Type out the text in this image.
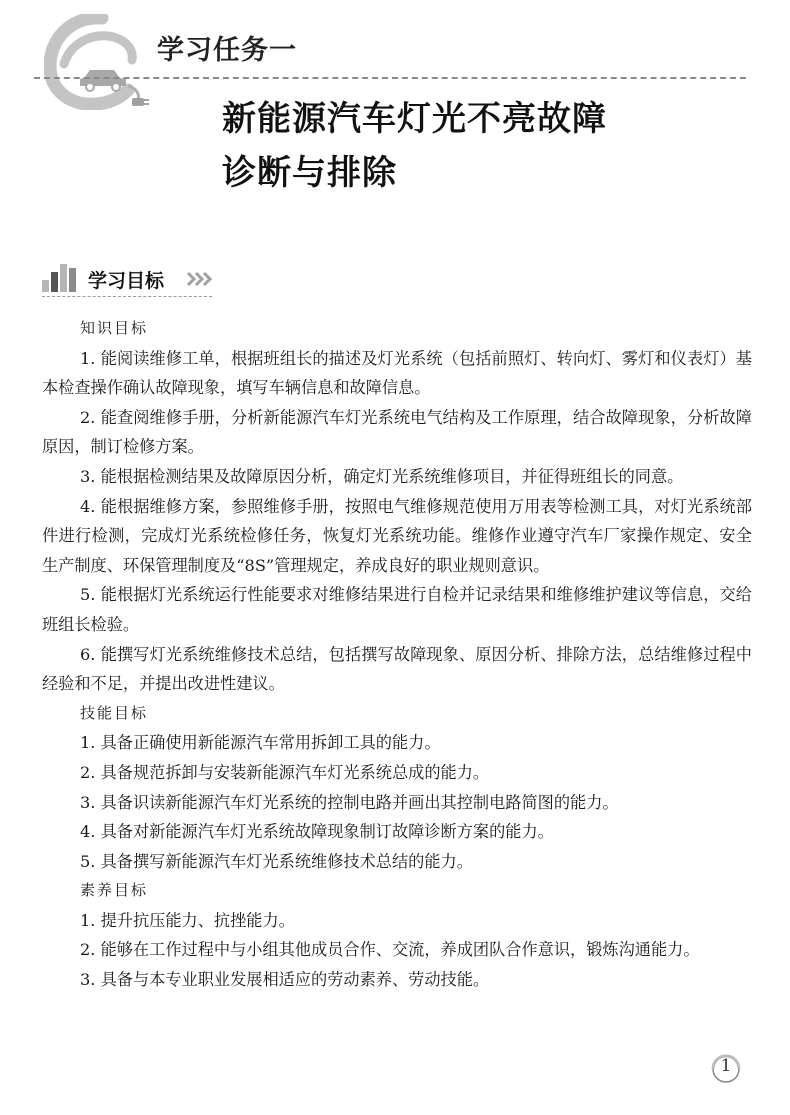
学习任务一
新能源汽车灯光不亮故障
诊断与排除
学习目标

知识目标

1. 能阅读维修工单，根据班组长的描述及灯光系统（包括前照灯、转向灯、雾灯和仪表灯）基本检查操作确认故障现象，填写车辆信息和故障信息。

2. 能查阅维修手册，分析新能源汽车灯光系统电气结构及工作原理，结合故障现象，分析故障原因，制订检修方案。

3. 能根据检测结果及故障原因分析，确定灯光系统维修项目，并征得班组长的同意。

4. 能根据维修方案，参照维修手册，按照电气维修规范使用万用表等检测工具，对灯光系统部件进行检测，完成灯光系统检修任务，恢复灯光系统功能。维修作业遵守汽车厂家操作规定、安全生产制度、环保管理制度及“8S”管理规定，养成良好的职业规则意识。

5. 能根据灯光系统运行性能要求对维修结果进行自检并记录结果和维修维护建议等信息，交给班组长检验。

6. 能撰写灯光系统维修技术总结，包括撰写故障现象、原因分析、排除方法，总结维修过程中经验和不足，并提出改进性建议。

技能目标

1. 具备正确使用新能源汽车常用拆卸工具的能力。

2. 具备规范拆卸与安装新能源汽车灯光系统总成的能力。

3. 具备识读新能源汽车灯光系统的控制电路并画出其控制电路简图的能力。

4. 具备对新能源汽车灯光系统故障现象制订故障诊断方案的能力。

5. 具备撰写新能源汽车灯光系统维修技术总结的能力。

素养目标

1. 提升抗压能力、抗挫能力。

2. 能够在工作过程中与小组其他成员合作、交流，养成团队合作意识，锻炼沟通能力。

3. 具备与本专业职业发展相适应的劳动素养、劳动技能。

1
